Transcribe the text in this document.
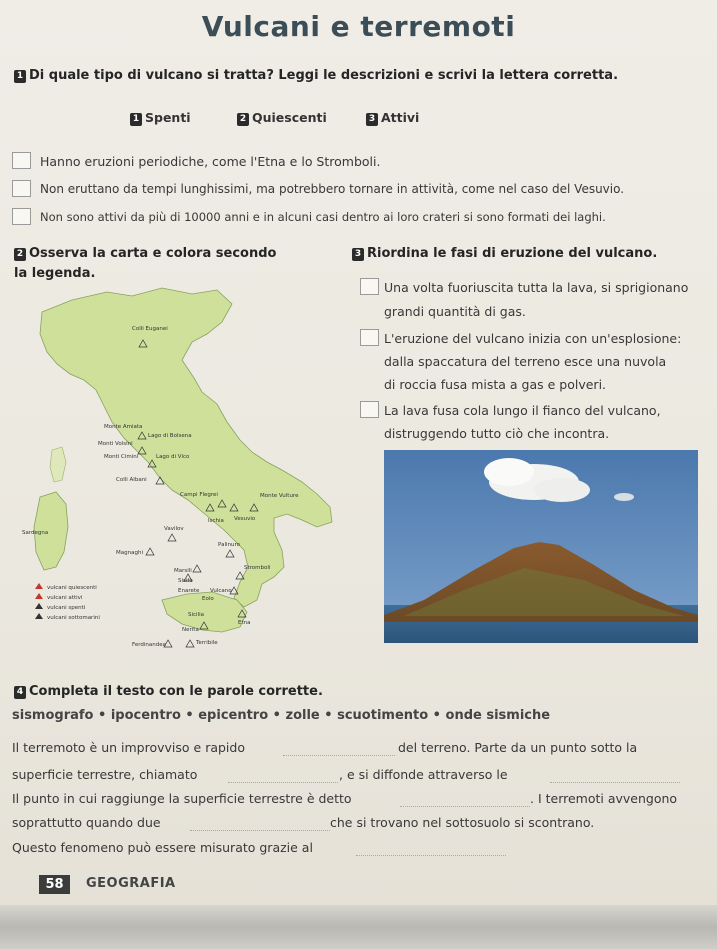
Vulcani e terremoti
1 Di quale tipo di vulcano si tratta? Leggi le descrizioni e scrivi la lettera corretta.
1 Spenti	2 Quiescenti	3 Attivi
Hanno eruzioni periodiche, come l'Etna e lo Stromboli.
Non eruttano da tempi lunghissimi, ma potrebbero tornare in attività, come nel caso del Vesuvio.
Non sono attivi da più di 10000 anni e in alcuni casi dentro ai loro crateri si sono formati dei laghi.
2 Osserva la carta e colora secondo
la legenda.
Colli Euganei
Monte Amiata
Lago di Bolsena
Monti Volsini
Monti Cimini	Lago di Vico
Colli Albani
Campi Flegrei	Monte Vulture
Vesuvio
Ischia
Sardegna
Vavilov
Palinuro
Magnaghi
Marsili	Stromboli
Sisifo
Enarete
Eolo
Vulcano
Sicilia
Etna
Nerita
Ferdinandea	Terribile
vulcani quiescenti
vulcani attivi
vulcani spenti
vulcani sottomarini
3 Riordina le fasi di eruzione del vulcano.
Una volta fuoriuscita tutta la lava, si sprigionano
grandi quantità di gas.
L'eruzione del vulcano inizia con un'esplosione:
dalla spaccatura del terreno esce una nuvola
di roccia fusa mista a gas e polveri.
La lava fusa cola lungo il fianco del vulcano,
distruggendo tutto ciò che incontra.
4 Completa il testo con le parole corrette.
sismografo • ipocentro • epicentro • zolle • scuotimento • onde sismiche
Il terremoto è un improvviso e rapido	del terreno. Parte da un punto sotto la
superficie terrestre, chiamato	, e si diffonde attraverso le
Il punto in cui raggiunge la superficie terrestre è detto	. I terremoti avvengono
soprattutto quando due	che si trovano nel sottosuolo si scontrano.
Questo fenomeno può essere misurato grazie al
58	GEOGRAFIA
